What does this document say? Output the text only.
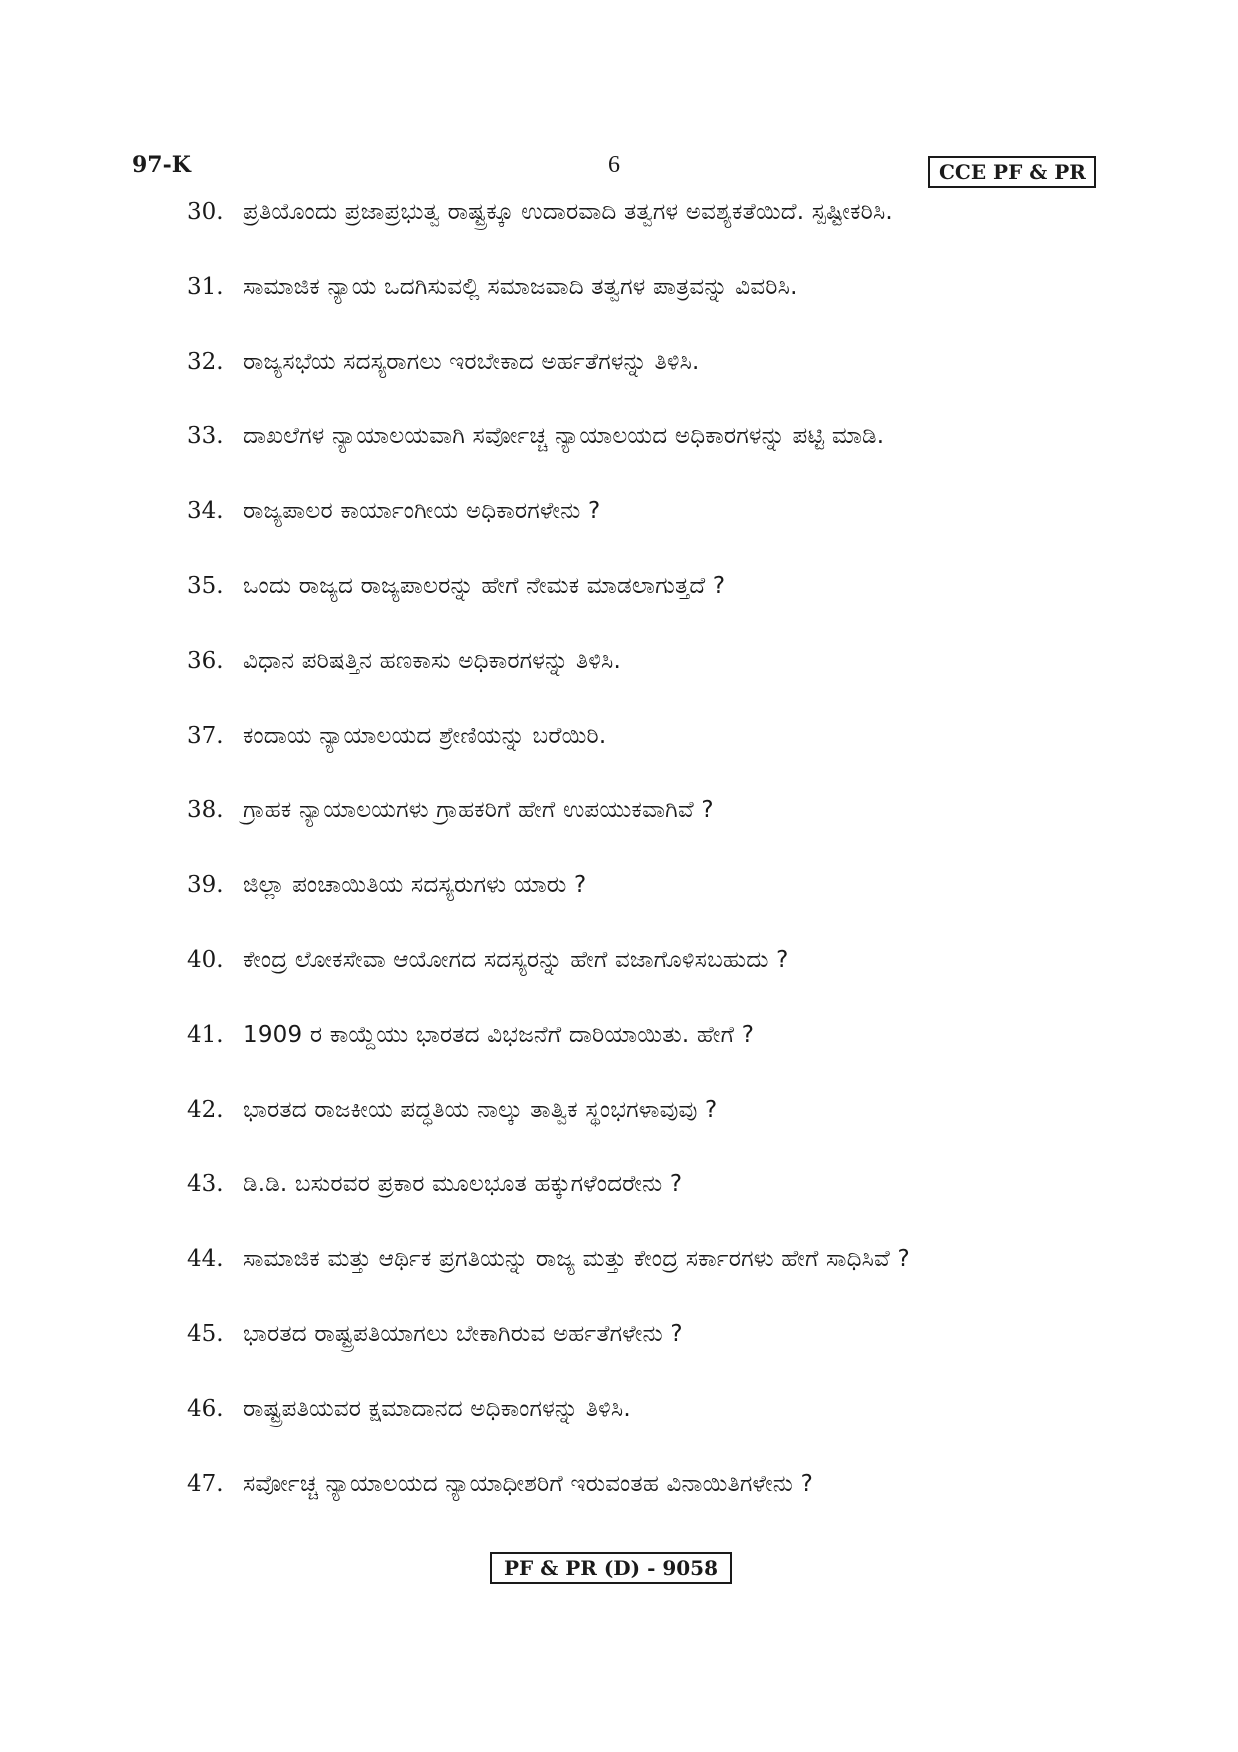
97-K	6	CCE PF & PR
30. ಪ್ರತಿಯೊಂದು ಪ್ರಜಾಪ್ರಭುತ್ವ ರಾಷ್ಟ್ರಕ್ಕೂ ಉದಾರವಾದಿ ತತ್ವಗಳ ಅವಶ್ಯಕತೆಯಿದೆ. ಸ್ಪಷ್ಟೀಕರಿಸಿ.
31. ಸಾಮಾಜಿಕ ನ್ಯಾಯ ಒದಗಿಸುವಲ್ಲಿ ಸಮಾಜವಾದಿ ತತ್ವಗಳ ಪಾತ್ರವನ್ನು ವಿವರಿಸಿ.
32. ರಾಜ್ಯಸಭೆಯ ಸದಸ್ಯರಾಗಲು ಇರಬೇಕಾದ ಅರ್ಹತೆಗಳನ್ನು ತಿಳಿಸಿ.
33. ದಾಖಲೆಗಳ ನ್ಯಾಯಾಲಯವಾಗಿ ಸರ್ವೋಚ್ಚ ನ್ಯಾಯಾಲಯದ ಅಧಿಕಾರಗಳನ್ನು ಪಟ್ಟಿ ಮಾಡಿ.
34. ರಾಜ್ಯಪಾಲರ ಕಾರ್ಯಾಂಗೀಯ ಅಧಿಕಾರಗಳೇನು ?
35. ಒಂದು ರಾಜ್ಯದ ರಾಜ್ಯಪಾಲರನ್ನು ಹೇಗೆ ನೇಮಕ ಮಾಡಲಾಗುತ್ತದೆ ?
36. ವಿಧಾನ ಪರಿಷತ್ತಿನ ಹಣಕಾಸು ಅಧಿಕಾರಗಳನ್ನು ತಿಳಿಸಿ.
37. ಕಂದಾಯ ನ್ಯಾಯಾಲಯದ ಶ್ರೇಣಿಯನ್ನು ಬರೆಯಿರಿ.
38. ಗ್ರಾಹಕ ನ್ಯಾಯಾಲಯಗಳು ಗ್ರಾಹಕರಿಗೆ ಹೇಗೆ ಉಪಯುಕವಾಗಿವೆ ?
39. ಜಿಲ್ಲಾ ಪಂಚಾಯಿತಿಯ ಸದಸ್ಯರುಗಳು ಯಾರು ?
40. ಕೇಂದ್ರ ಲೋಕಸೇವಾ ಆಯೋಗದ ಸದಸ್ಯರನ್ನು ಹೇಗೆ ವಜಾಗೊಳಿಸಬಹುದು ?
41. 1909 ರ ಕಾಯ್ದೆಯು ಭಾರತದ ವಿಭಜನೆಗೆ ದಾರಿಯಾಯಿತು. ಹೇಗೆ ?
42. ಭಾರತದ ರಾಜಕೀಯ ಪದ್ಧತಿಯ ನಾಲ್ಕು ತಾತ್ವಿಕ ಸ್ಥಂಭಗಳಾವುವು ?
43. ಡಿ.ಡಿ. ಬಸುರವರ ಪ್ರಕಾರ ಮೂಲಭೂತ ಹಕ್ಕುಗಳೆಂದರೇನು ?
44. ಸಾಮಾಜಿಕ ಮತ್ತು ಆರ್ಥಿಕ ಪ್ರಗತಿಯನ್ನು ರಾಜ್ಯ ಮತ್ತು ಕೇಂದ್ರ ಸರ್ಕಾರಗಳು ಹೇಗೆ ಸಾಧಿಸಿವೆ ?
45. ಭಾರತದ ರಾಷ್ಟ್ರಪತಿಯಾಗಲು ಬೇಕಾಗಿರುವ ಅರ್ಹತೆಗಳೇನು ?
46. ರಾಷ್ಟ್ರಪತಿಯವರ ಕ್ಷಮಾದಾನದ ಅಧಿಕಾಂಗಳನ್ನು ತಿಳಿಸಿ.
47. ಸರ್ವೋಚ್ಚ ನ್ಯಾಯಾಲಯದ ನ್ಯಾಯಾಧೀಶರಿಗೆ ಇರುವಂತಹ ವಿನಾಯಿತಿಗಳೇನು ?
PF & PR (D) - 9058
